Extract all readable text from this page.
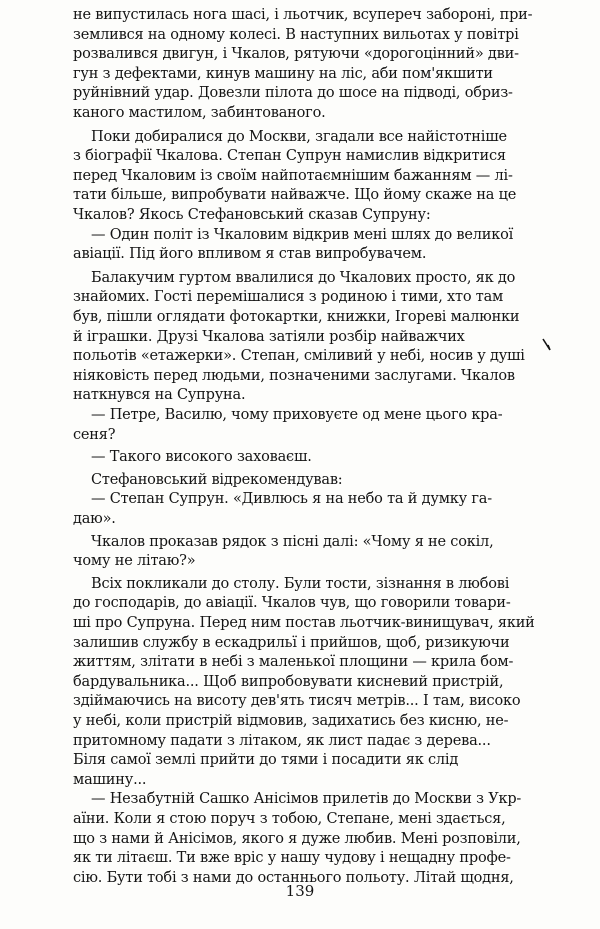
не випустилась нога шасі, і льотчик, всупереч забороні, при-
землився на одному колесі. В наступних вильотах у повітрі
розвалився двигун, і Чкалов, рятуючи «дорогоцінний» дви-
гун з дефектами, кинув машину на ліс, аби пом'якшити
руйнівний удар. Довезли пілота до шосе на підводі, обриз-
каного мастилом, забинтованого.
Поки добиралися до Москви, згадали все найістотніше
з біографії Чкалова. Степан Супрун намислив відкритися
перед Чкаловим із своїм найпотаємнішим бажанням — лі-
тати більше, випробувати найважче. Що йому скаже на це
Чкалов? Якось Стефановський сказав Супруну:
— Один політ із Чкаловим відкрив мені шлях до великої
авіації. Під його впливом я став випробувачем.
Балакучим гуртом ввалилися до Чкалових просто, як до
знайомих. Гості перемішалися з родиною і тими, хто там
був, пішли оглядати фотокартки, книжки, Ігореві малюнки
й іграшки. Друзі Чкалова затіяли розбір найважчих
польотів «етажерки». Степан, сміливий у небі, носив у душі
ніяковість перед людьми, позначеними заслугами. Чкалов
наткнувся на Супруна.
— Петре, Василю, чому приховуєте од мене цього кра-
сеня?
— Такого високого заховаєш.
Стефановський відрекомендував:
— Степан Супрун. «Дивлюсь я на небо та й думку га-
даю».
Чкалов проказав рядок з пісні далі: «Чому я не сокіл,
чому не літаю?»
Всіх покликали до столу. Були тости, зізнання в любові
до господарів, до авіації. Чкалов чув, що говорили товари-
ші про Супруна. Перед ним постав льотчик-винищувач, який
залишив службу в ескадрильї і прийшов, щоб, ризикуючи
життям, злітати в небі з маленької площини — крила бом-
бардувальника... Щоб випробовувати кисневий пристрій,
здіймаючись на висоту дев'ять тисяч метрів... І там, високо
у небі, коли пристрій відмовив, задихатись без кисню, не-
притомному падати з літаком, як лист падає з дерева...
Біля самої землі прийти до тями і посадити як слід
машину...
— Незабутній Сашко Анісімов прилетів до Москви з Укр-
аїни. Коли я стою поруч з тобою, Степане, мені здається,
що з нами й Анісімов, якого я дуже любив. Мені розповіли,
як ти літаєш. Ти вже вріс у нашу чудову і нещадну профе-
сію. Бути тобі з нами до останнього польоту. Літай щодня,
139
